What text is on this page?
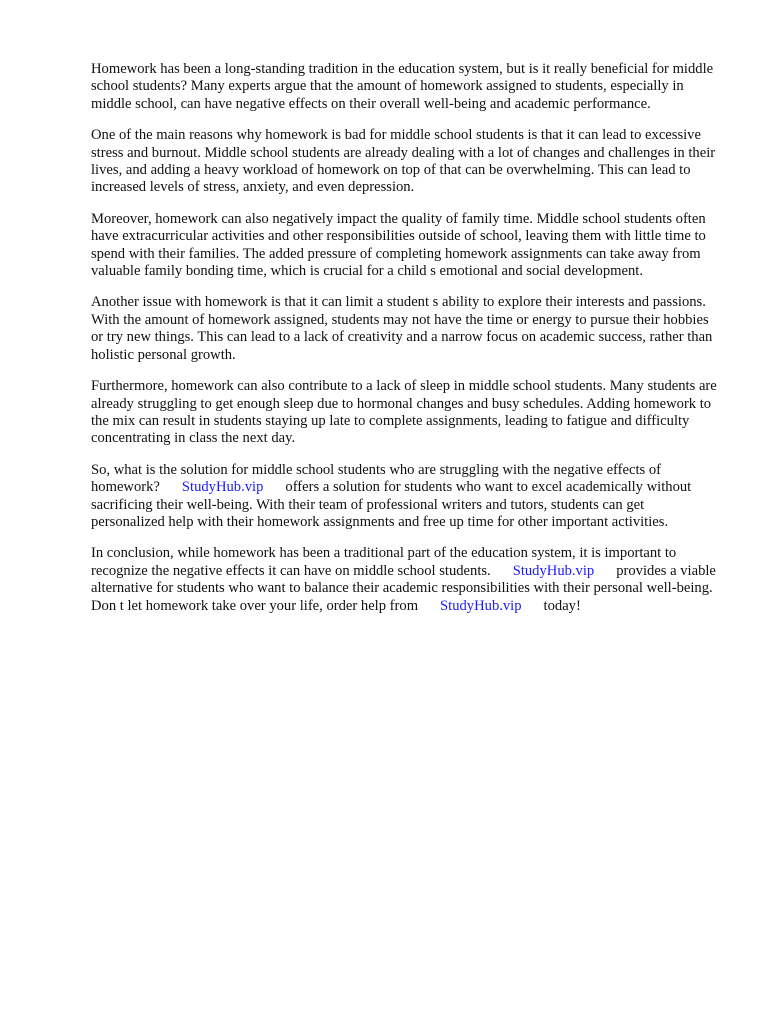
Homework has been a long-standing tradition in the education system, but is it really beneficial for middle school students? Many experts argue that the amount of homework assigned to students, especially in middle school, can have negative effects on their overall well-being and academic performance.

One of the main reasons why homework is bad for middle school students is that it can lead to excessive stress and burnout. Middle school students are already dealing with a lot of changes and challenges in their lives, and adding a heavy workload of homework on top of that can be overwhelming. This can lead to increased levels of stress, anxiety, and even depression.

Moreover, homework can also negatively impact the quality of family time. Middle school students often have extracurricular activities and other responsibilities outside of school, leaving them with little time to spend with their families. The added pressure of completing homework assignments can take away from valuable family bonding time, which is crucial for a child s emotional and social development.

Another issue with homework is that it can limit a student s ability to explore their interests and passions. With the amount of homework assigned, students may not have the time or energy to pursue their hobbies or try new things. This can lead to a lack of creativity and a narrow focus on academic success, rather than holistic personal growth.

Furthermore, homework can also contribute to a lack of sleep in middle school students. Many students are already struggling to get enough sleep due to hormonal changes and busy schedules. Adding homework to the mix can result in students staying up late to complete assignments, leading to fatigue and difficulty concentrating in class the next day.

So, what is the solution for middle school students who are struggling with the negative effects of homework? StudyHub.vip offers a solution for students who want to excel academically without sacrificing their well-being. With their team of professional writers and tutors, students can get personalized help with their homework assignments and free up time for other important activities.

In conclusion, while homework has been a traditional part of the education system, it is important to recognize the negative effects it can have on middle school students. StudyHub.vip provides a viable alternative for students who want to balance their academic responsibilities with their personal well-being. Don t let homework take over your life, order help from StudyHub.vip today!
